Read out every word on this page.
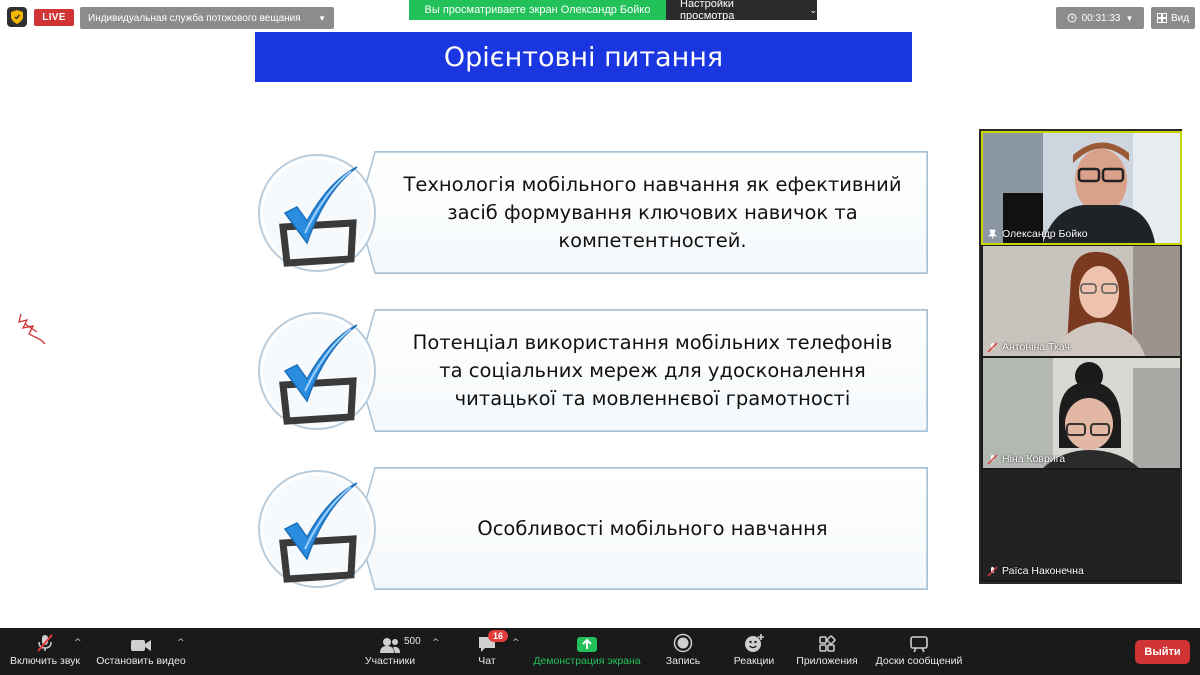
LIVE	Индивидуальная служба потокового вещания ▼
Вы просматриваете экран Олександр Бойко	Настройки просмотра
⌄
00:31:33 ▼	Вид
Орієнтовні питання
Технологія мобільного навчання як ефективний
засіб формування ключових навичок та
компетентностей.
Потенціал використання мобільних телефонів
та соціальних мереж для удосконалення
читацької та мовленнєвої грамотності
Особливості мобільного навчання
Олександр Бойко
Антоніна Ткач
Ніна Коврига
Раїса Наконечна
Включить звук
^
Остановить видео
^
Участники
500 ^
Чат
16
^
Демонстрация экрана Запись	Реакции Приложения Доски сообщений
Выйти
